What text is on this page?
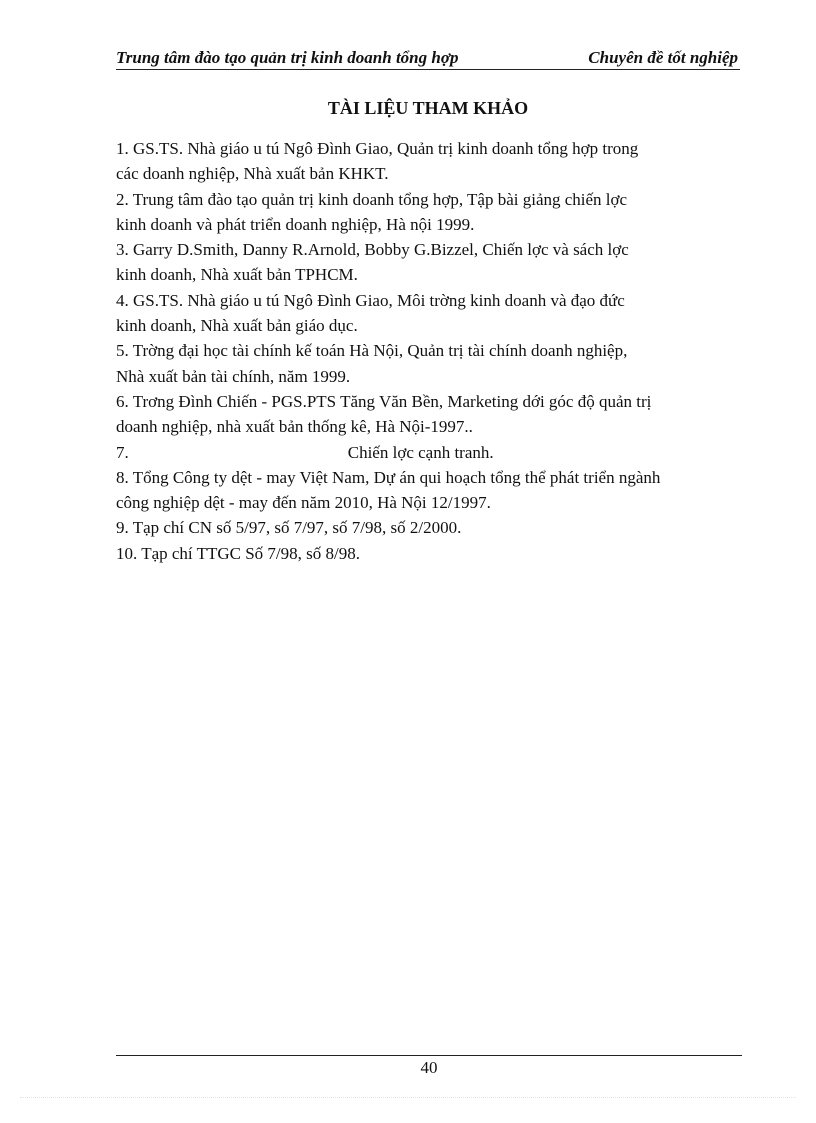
Trung tâm đào tạo quản trị kinh doanh tổng hợp	Chuyên đề tốt nghiệp
TÀI LIỆU THAM KHẢO

1. GS.TS. Nhà giáo u tú Ngô Đình Giao, Quản trị kinh doanh tổng hợp trong
các doanh nghiệp, Nhà xuất bản KHKT.

2. Trung tâm đào tạo quản trị kinh doanh tổng hợp, Tập bài giảng chiến lợc
kinh doanh và phát triển doanh nghiệp, Hà nội 1999.

3. Garry D.Smith, Danny R.Arnold, Bobby G.Bizzel, Chiến lợc và sách lợc
kinh doanh, Nhà xuất bản TPHCM.

4. GS.TS. Nhà giáo u tú Ngô Đình Giao, Môi trờng kinh doanh và đạo đức
kinh doanh, Nhà xuất bản giáo dục.

5. Trờng đại học tài chính kế toán Hà Nội, Quản trị tài chính doanh nghiệp,
Nhà xuất bản tài chính, năm 1999.

6. Trơng Đình Chiến - PGS.PTS Tăng Văn Bền, Marketing dới góc độ quản trị
doanh nghiệp, nhà xuất bản thống kê, Hà Nội-1997..

7.	Chiến lợc cạnh tranh.

8. Tổng Công ty dệt - may Việt Nam, Dự án qui hoạch tổng thể phát triển ngành
công nghiệp dệt - may đến năm 2010, Hà Nội 12/1997.

9. Tạp chí CN số 5/97, số 7/97, số 7/98, số 2/2000.

10. Tạp chí TTGC Số 7/98, số 8/98.

40
